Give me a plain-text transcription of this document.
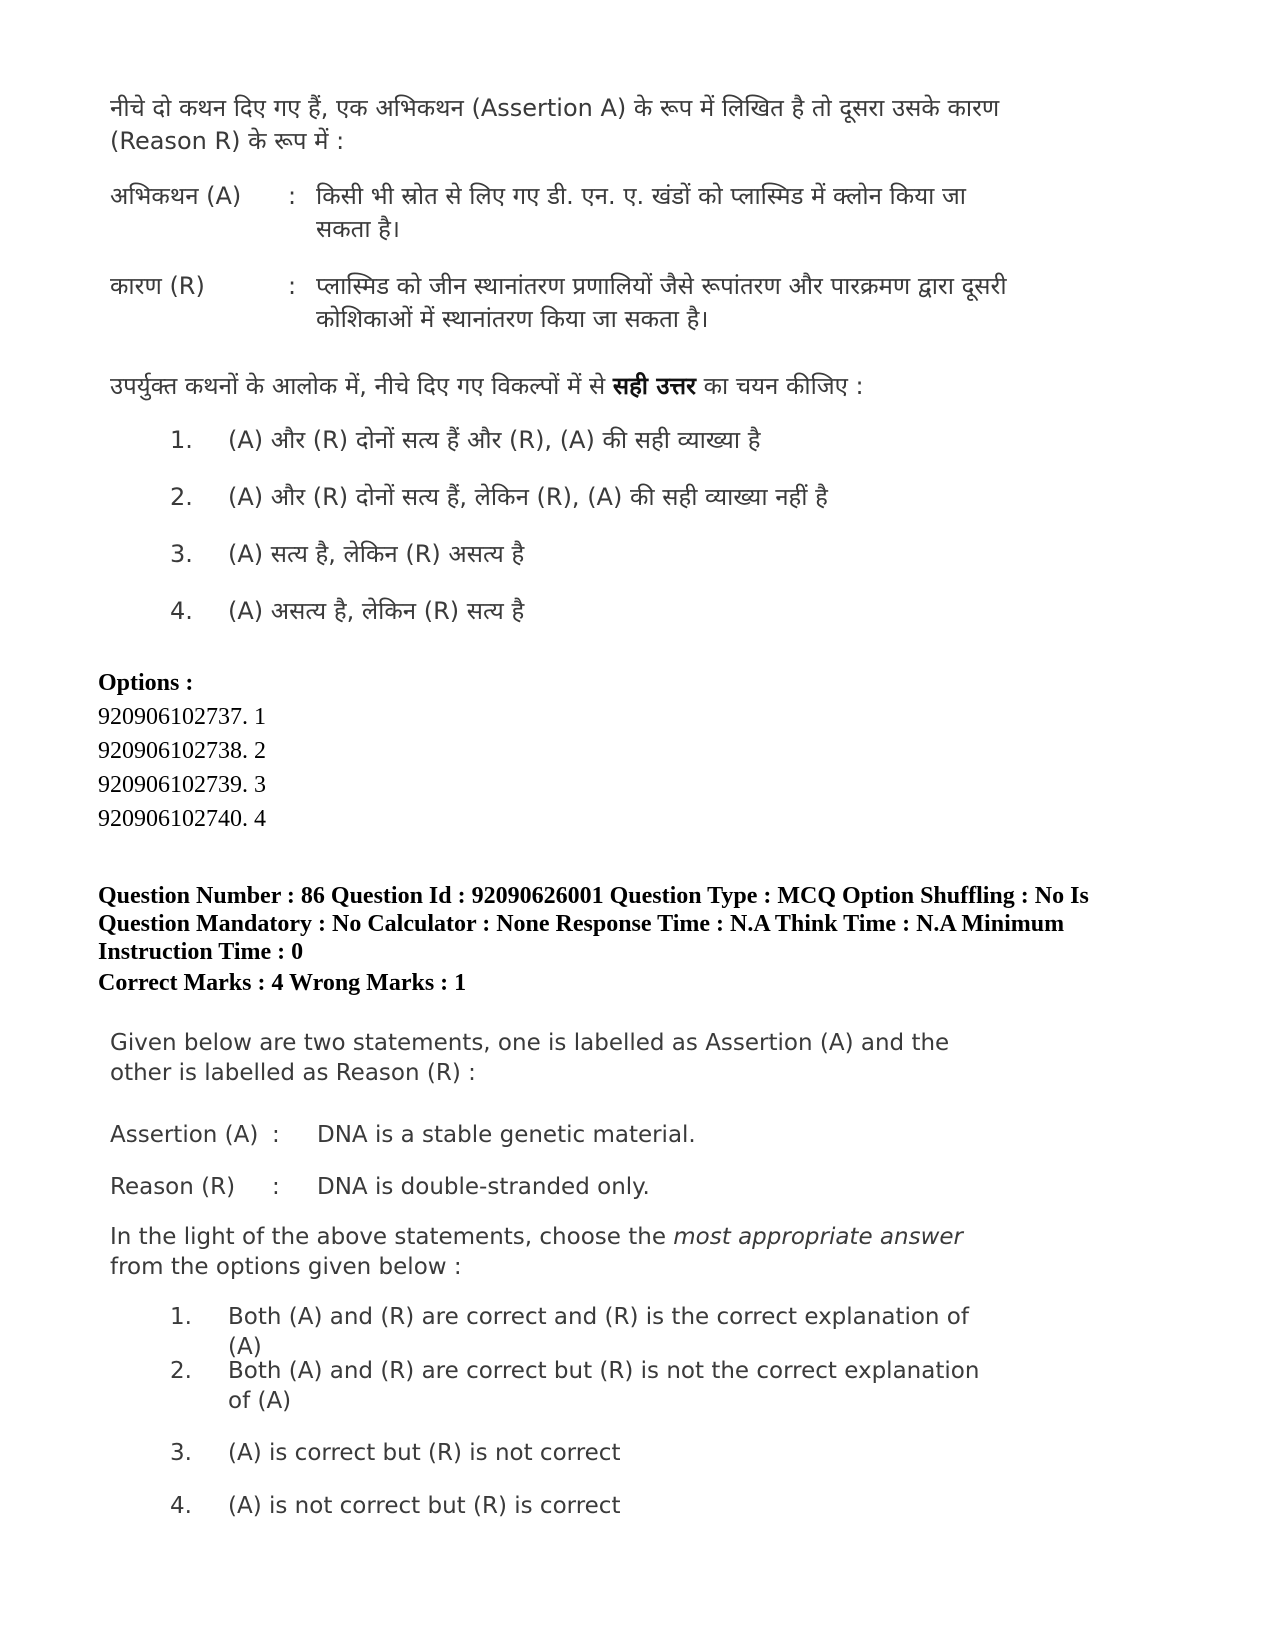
नीचे दो कथन दिए गए हैं, एक अभिकथन (Assertion A) के रूप में लिखित है तो दूसरा उसके कारण (Reason R) के रूप में :
अभिकथन (A) : किसी भी स्रोत से लिए गए डी. एन. ए. खंडों को प्लास्मिड में क्लोन किया जा सकता है।
कारण (R)	: प्लास्मिड को जीन स्थानांतरण प्रणालियों जैसे रूपांतरण और पारक्रमण द्वारा दूसरी कोशिकाओं में स्थानांतरण किया जा सकता है।
उपर्युक्त कथनों के आलोक में, नीचे दिए गए विकल्पों में से सही उत्तर का चयन कीजिए :
1. (A) और (R) दोनों सत्य हैं और (R), (A) की सही व्याख्या है
2. (A) और (R) दोनों सत्य हैं, लेकिन (R), (A) की सही व्याख्या नहीं है
3. (A) सत्य है, लेकिन (R) असत्य है
4. (A) असत्य है, लेकिन (R) सत्य है
Options :
920906102737. 1
920906102738. 2
920906102739. 3
920906102740. 4
Question Number : 86 Question Id : 92090626001 Question Type : MCQ Option Shuffling : No Is Question Mandatory : No Calculator : None Response Time : N.A Think Time : N.A Minimum Instruction Time : 0
Correct Marks : 4 Wrong Marks : 1
Given below are two statements, one is labelled as Assertion (A) and the other is labelled as Reason (R) :
Assertion (A) : DNA is a stable genetic material.
Reason (R) : DNA is double-stranded only.
In the light of the above statements, choose the most appropriate answer from the options given below :
1. Both (A) and (R) are correct and (R) is the correct explanation of (A)
2. Both (A) and (R) are correct but (R) is not the correct explanation of (A)
3. (A) is correct but (R) is not correct
4. (A) is not correct but (R) is correct
